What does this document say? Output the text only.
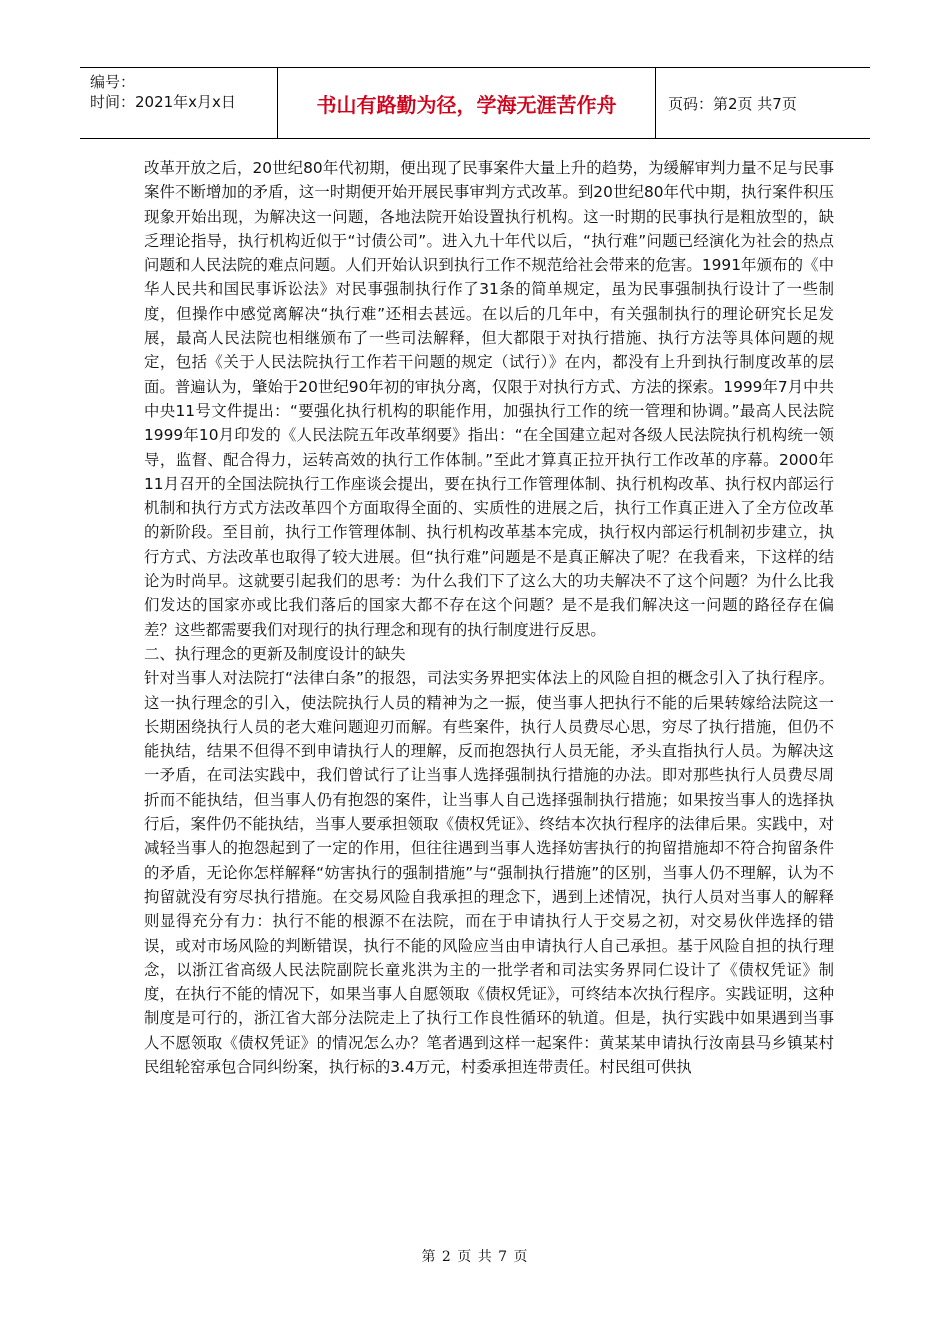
编号：
时间：2021年x月x日	书山有路勤为径，学海无涯苦作舟	页码：第2页 共7页

改革开放之后，20世纪80年代初期，便出现了民事案件大量上升的趋势，为缓解审判力量不足与民事案件不断增加的矛盾，这一时期便开始开展民事审判方式改革。到20世纪80年代中期，执行案件积压现象开始出现，为解决这一问题，各地法院开始设置执行机构。这一时期的民事执行是粗放型的，缺乏理论指导，执行机构近似于“讨债公司”。进入九十年代以后，“执行难”问题已经演化为社会的热点问题和人民法院的难点问题。人们开始认识到执行工作不规范给社会带来的危害。1991年颁布的《中华人民共和国民事诉讼法》对民事强制执行作了31条的简单规定，虽为民事强制执行设计了一些制度，但操作中感觉离解决“执行难”还相去甚远。在以后的几年中，有关强制执行的理论研究长足发展，最高人民法院也相继颁布了一些司法解释，但大都限于对执行措施、执行方法等具体问题的规定，包括《关于人民法院执行工作若干问题的规定（试行）》在内，都没有上升到执行制度改革的层面。普遍认为，肇始于20世纪90年初的审执分离，仅限于对执行方式、方法的探索。1999年7月中共中央11号文件提出：“要强化执行机构的职能作用，加强执行工作的统一管理和协调。”最高人民法院1999年10月印发的《人民法院五年改革纲要》指出：“在全国建立起对各级人民法院执行机构统一领导，监督、配合得力，运转高效的执行工作体制。”至此才算真正拉开执行工作改革的序幕。2000年11月召开的全国法院执行工作座谈会提出，要在执行工作管理体制、执行机构改革、执行权内部运行机制和执行方式方法改革四个方面取得全面的、实质性的进展之后，执行工作真正进入了全方位改革的新阶段。至目前，执行工作管理体制、执行机构改革基本完成，执行权内部运行机制初步建立，执行方式、方法改革也取得了较大进展。但“执行难”问题是不是真正解决了呢？在我看来，下这样的结论为时尚早。这就要引起我们的思考：为什么我们下了这么大的功夫解决不了这个问题？为什么比我们发达的国家亦或比我们落后的国家大都不存在这个问题？是不是我们解决这一问题的路径存在偏差？这些都需要我们对现行的执行理念和现有的执行制度进行反思。

二、执行理念的更新及制度设计的缺失

针对当事人对法院打“法律白条”的报怨，司法实务界把实体法上的风险自担的概念引入了执行程序。这一执行理念的引入，使法院执行人员的精神为之一振，使当事人把执行不能的后果转嫁给法院这一长期困绕执行人员的老大难问题迎刃而解。有些案件，执行人员费尽心思，穷尽了执行措施，但仍不能执结，结果不但得不到申请执行人的理解，反而抱怨执行人员无能，矛头直指执行人员。为解决这一矛盾，在司法实践中，我们曾试行了让当事人选择强制执行措施的办法。即对那些执行人员费尽周折而不能执结，但当事人仍有抱怨的案件，让当事人自己选择强制执行措施；如果按当事人的选择执行后，案件仍不能执结，当事人要承担领取《债权凭证》、终结本次执行程序的法律后果。实践中，对减轻当事人的抱怨起到了一定的作用，但往往遇到当事人选择妨害执行的拘留措施却不符合拘留条件的矛盾，无论你怎样解释“妨害执行的强制措施”与“强制执行措施”的区别，当事人仍不理解，认为不拘留就没有穷尽执行措施。在交易风险自我承担的理念下，遇到上述情况，执行人员对当事人的解释则显得充分有力：执行不能的根源不在法院，而在于申请执行人于交易之初，对交易伙伴选择的错误，或对市场风险的判断错误，执行不能的风险应当由申请执行人自己承担。基于风险自担的执行理念，以浙江省高级人民法院副院长童兆洪为主的一批学者和司法实务界同仁设计了《债权凭证》制度，在执行不能的情况下，如果当事人自愿领取《债权凭证》，可终结本次执行程序。实践证明，这种制度是可行的，浙江省大部分法院走上了执行工作良性循环的轨道。但是，执行实践中如果遇到当事人不愿领取《债权凭证》的情况怎么办？笔者遇到这样一起案件：黄某某申请执行汝南县马乡镇某村民组轮窑承包合同纠纷案，执行标的3.4万元，村委承担连带责任。村民组可供执

第 2 页 共 7 页
